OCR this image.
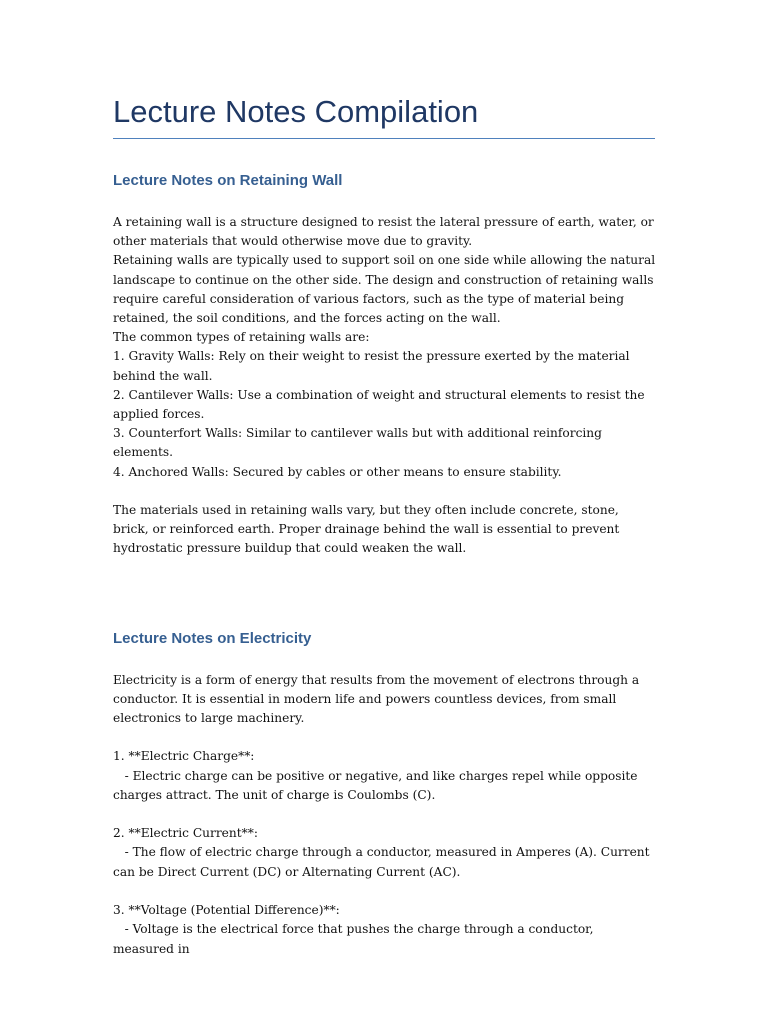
Lecture Notes Compilation
Lecture Notes on Retaining Wall

A retaining wall is a structure designed to resist the lateral pressure of earth, water, or other materials that would otherwise move due to gravity.

Retaining walls are typically used to support soil on one side while allowing the natural landscape to continue on the other side. The design and construction of retaining walls require careful consideration of various factors, such as the type of material being retained, the soil conditions, and the forces acting on the wall.

The common types of retaining walls are:

1. Gravity Walls: Rely on their weight to resist the pressure exerted by the material behind the wall.

2. Cantilever Walls: Use a combination of weight and structural elements to resist the applied forces.

3. Counterfort Walls: Similar to cantilever walls but with additional reinforcing elements.

4. Anchored Walls: Secured by cables or other means to ensure stability.

The materials used in retaining walls vary, but they often include concrete, stone, brick, or reinforced earth. Proper drainage behind the wall is essential to prevent hydrostatic pressure buildup that could weaken the wall.

Lecture Notes on Electricity

Electricity is a form of energy that results from the movement of electrons through a conductor. It is essential in modern life and powers countless devices, from small electronics to large machinery.

1. **Electric Charge**:

- Electric charge can be positive or negative, and like charges repel while opposite charges attract. The unit of charge is Coulombs (C).

2. **Electric Current**:

- The flow of electric charge through a conductor, measured in Amperes (A). Current can be Direct Current (DC) or Alternating Current (AC).

3. **Voltage (Potential Difference)**:

- Voltage is the electrical force that pushes the charge through a conductor, measured in
